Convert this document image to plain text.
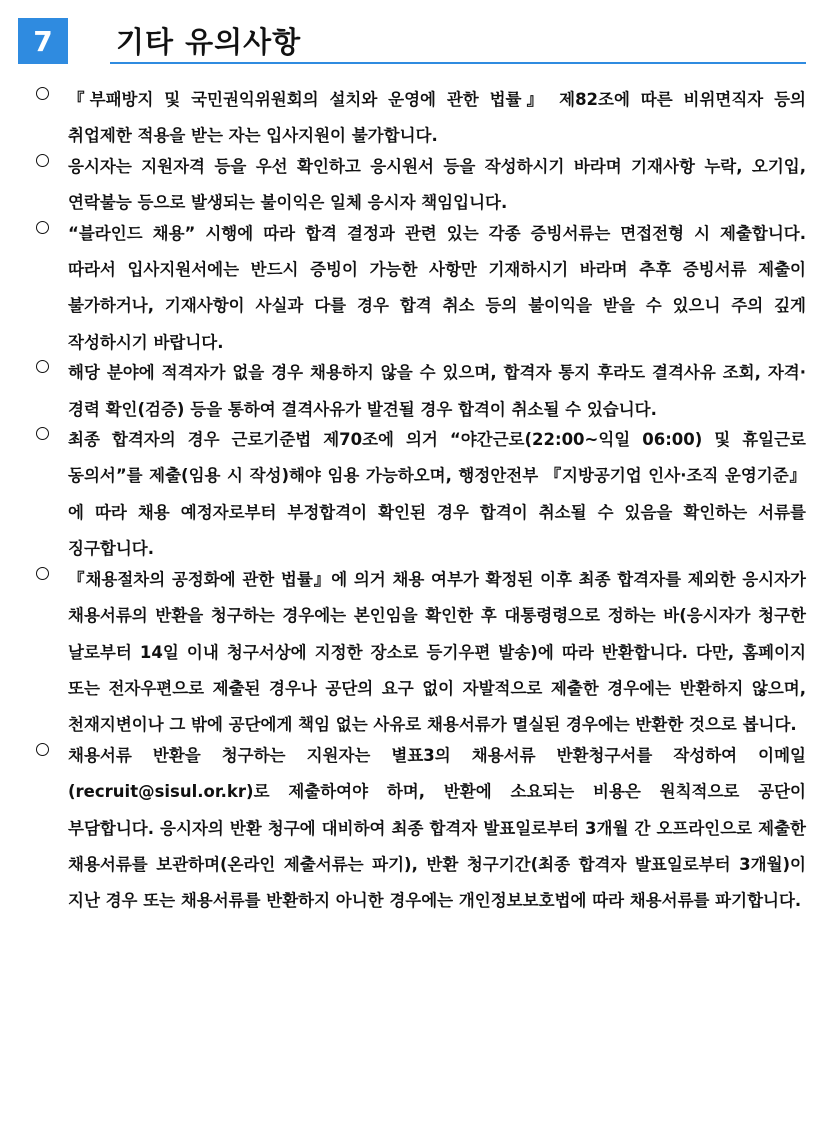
7	기타 유의사항
『부패방지 및 국민권익위원회의 설치와 운영에 관한 법률』 제82조에 따른 비위면직자 등의 취업제한 적용을 받는 자는 입사지원이 불가합니다.
응시자는 지원자격 등을 우선 확인하고 응시원서 등을 작성하시기 바라며 기재사항 누락, 오기입, 연락불능 등으로 발생되는 불이익은 일체 응시자 책임입니다.
“블라인드 채용” 시행에 따라 합격 결정과 관련 있는 각종 증빙서류는 면접전형 시 제출합니다. 따라서 입사지원서에는 반드시 증빙이 가능한 사항만 기재하시기 바라며 추후 증빙서류 제출이 불가하거나, 기재사항이 사실과 다를 경우 합격 취소 등의 불이익을 받을 수 있으니 주의 깊게 작성하시기 바랍니다.
해당 분야에 적격자가 없을 경우 채용하지 않을 수 있으며, 합격자 통지 후라도 결격사유 조회, 자격·경력 확인(검증) 등을 통하여 결격사유가 발견될 경우 합격이 취소될 수 있습니다.
최종 합격자의 경우 근로기준법 제70조에 의거 “야간근로(22:00~익일 06:00) 및 휴일근로 동의서”를 제출(임용 시 작성)해야 임용 가능하오며, 행정안전부 『지방공기업 인사·조직 운영기준』에 따라 채용 예정자로부터 부정합격이 확인된 경우 합격이 취소될 수 있음을 확인하는 서류를 징구합니다.
『채용절차의 공정화에 관한 법률』에 의거 채용 여부가 확정된 이후 최종 합격자를 제외한 응시자가 채용서류의 반환을 청구하는 경우에는 본인임을 확인한 후 대통령령으로 정하는 바(응시자가 청구한 날로부터 14일 이내 청구서상에 지정한 장소로 등기우편 발송)에 따라 반환합니다. 다만, 홈페이지 또는 전자우편으로 제출된 경우나 공단의 요구 없이 자발적으로 제출한 경우에는 반환하지 않으며, 천재지변이나 그 밖에 공단에게 책임 없는 사유로 채용서류가 멸실된 경우에는 반환한 것으로 봅니다.
채용서류 반환을 청구하는 지원자는 별표3의 채용서류 반환청구서를 작성하여 이메일(recruit@sisul.or.kr)로 제출하여야 하며, 반환에 소요되는 비용은 원칙적으로 공단이 부담합니다. 응시자의 반환 청구에 대비하여 최종 합격자 발표일로부터 3개월 간 오프라인으로 제출한 채용서류를 보관하며(온라인 제출서류는 파기), 반환 청구기간(최종 합격자 발표일로부터 3개월)이 지난 경우 또는 채용서류를 반환하지 아니한 경우에는 개인정보보호법에 따라 채용서류를 파기합니다.
